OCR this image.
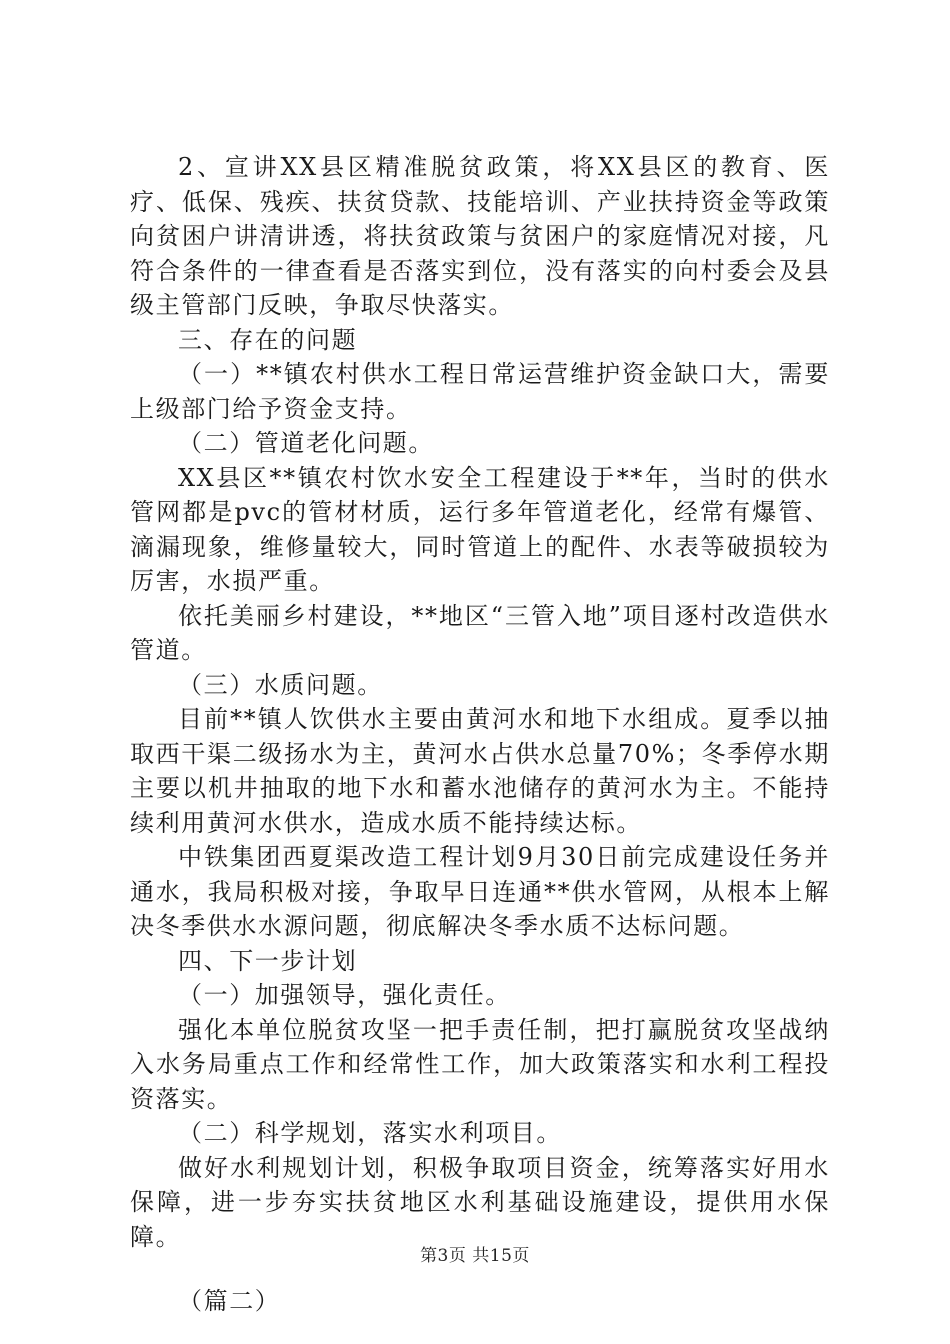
2、宣讲XX县区精准脱贫政策，将XX县区的教育、医疗、低保、残疾、扶贫贷款、技能培训、产业扶持资金等政策向贫困户讲清讲透，将扶贫政策与贫困户的家庭情况对接，凡符合条件的一律查看是否落实到位，没有落实的向村委会及县级主管部门反映，争取尽快落实。

三、存在的问题

（一）**镇农村供水工程日常运营维护资金缺口大，需要上级部门给予资金支持。

（二）管道老化问题。

XX县区**镇农村饮水安全工程建设于**年，当时的供水管网都是pvc的管材材质，运行多年管道老化，经常有爆管、滴漏现象，维修量较大，同时管道上的配件、水表等破损较为厉害，水损严重。

依托美丽乡村建设，**地区“三管入地”项目逐村改造供水管道。

（三）水质问题。

目前**镇人饮供水主要由黄河水和地下水组成。夏季以抽取西干渠二级扬水为主，黄河水占供水总量70%；冬季停水期主要以机井抽取的地下水和蓄水池储存的黄河水为主。不能持续利用黄河水供水，造成水质不能持续达标。

中铁集团西夏渠改造工程计划9月30日前完成建设任务并通水，我局积极对接，争取早日连通**供水管网，从根本上解决冬季供水水源问题，彻底解决冬季水质不达标问题。

四、下一步计划

（一）加强领导，强化责任。

强化本单位脱贫攻坚一把手责任制，把打赢脱贫攻坚战纳入水务局重点工作和经常性工作，加大政策落实和水利工程投资落实。

（二）科学规划，落实水利项目。

做好水利规划计划，积极争取项目资金，统筹落实好用水保障，进一步夯实扶贫地区水利基础设施建设，提供用水保障。

（篇二）

第3页 共15页
